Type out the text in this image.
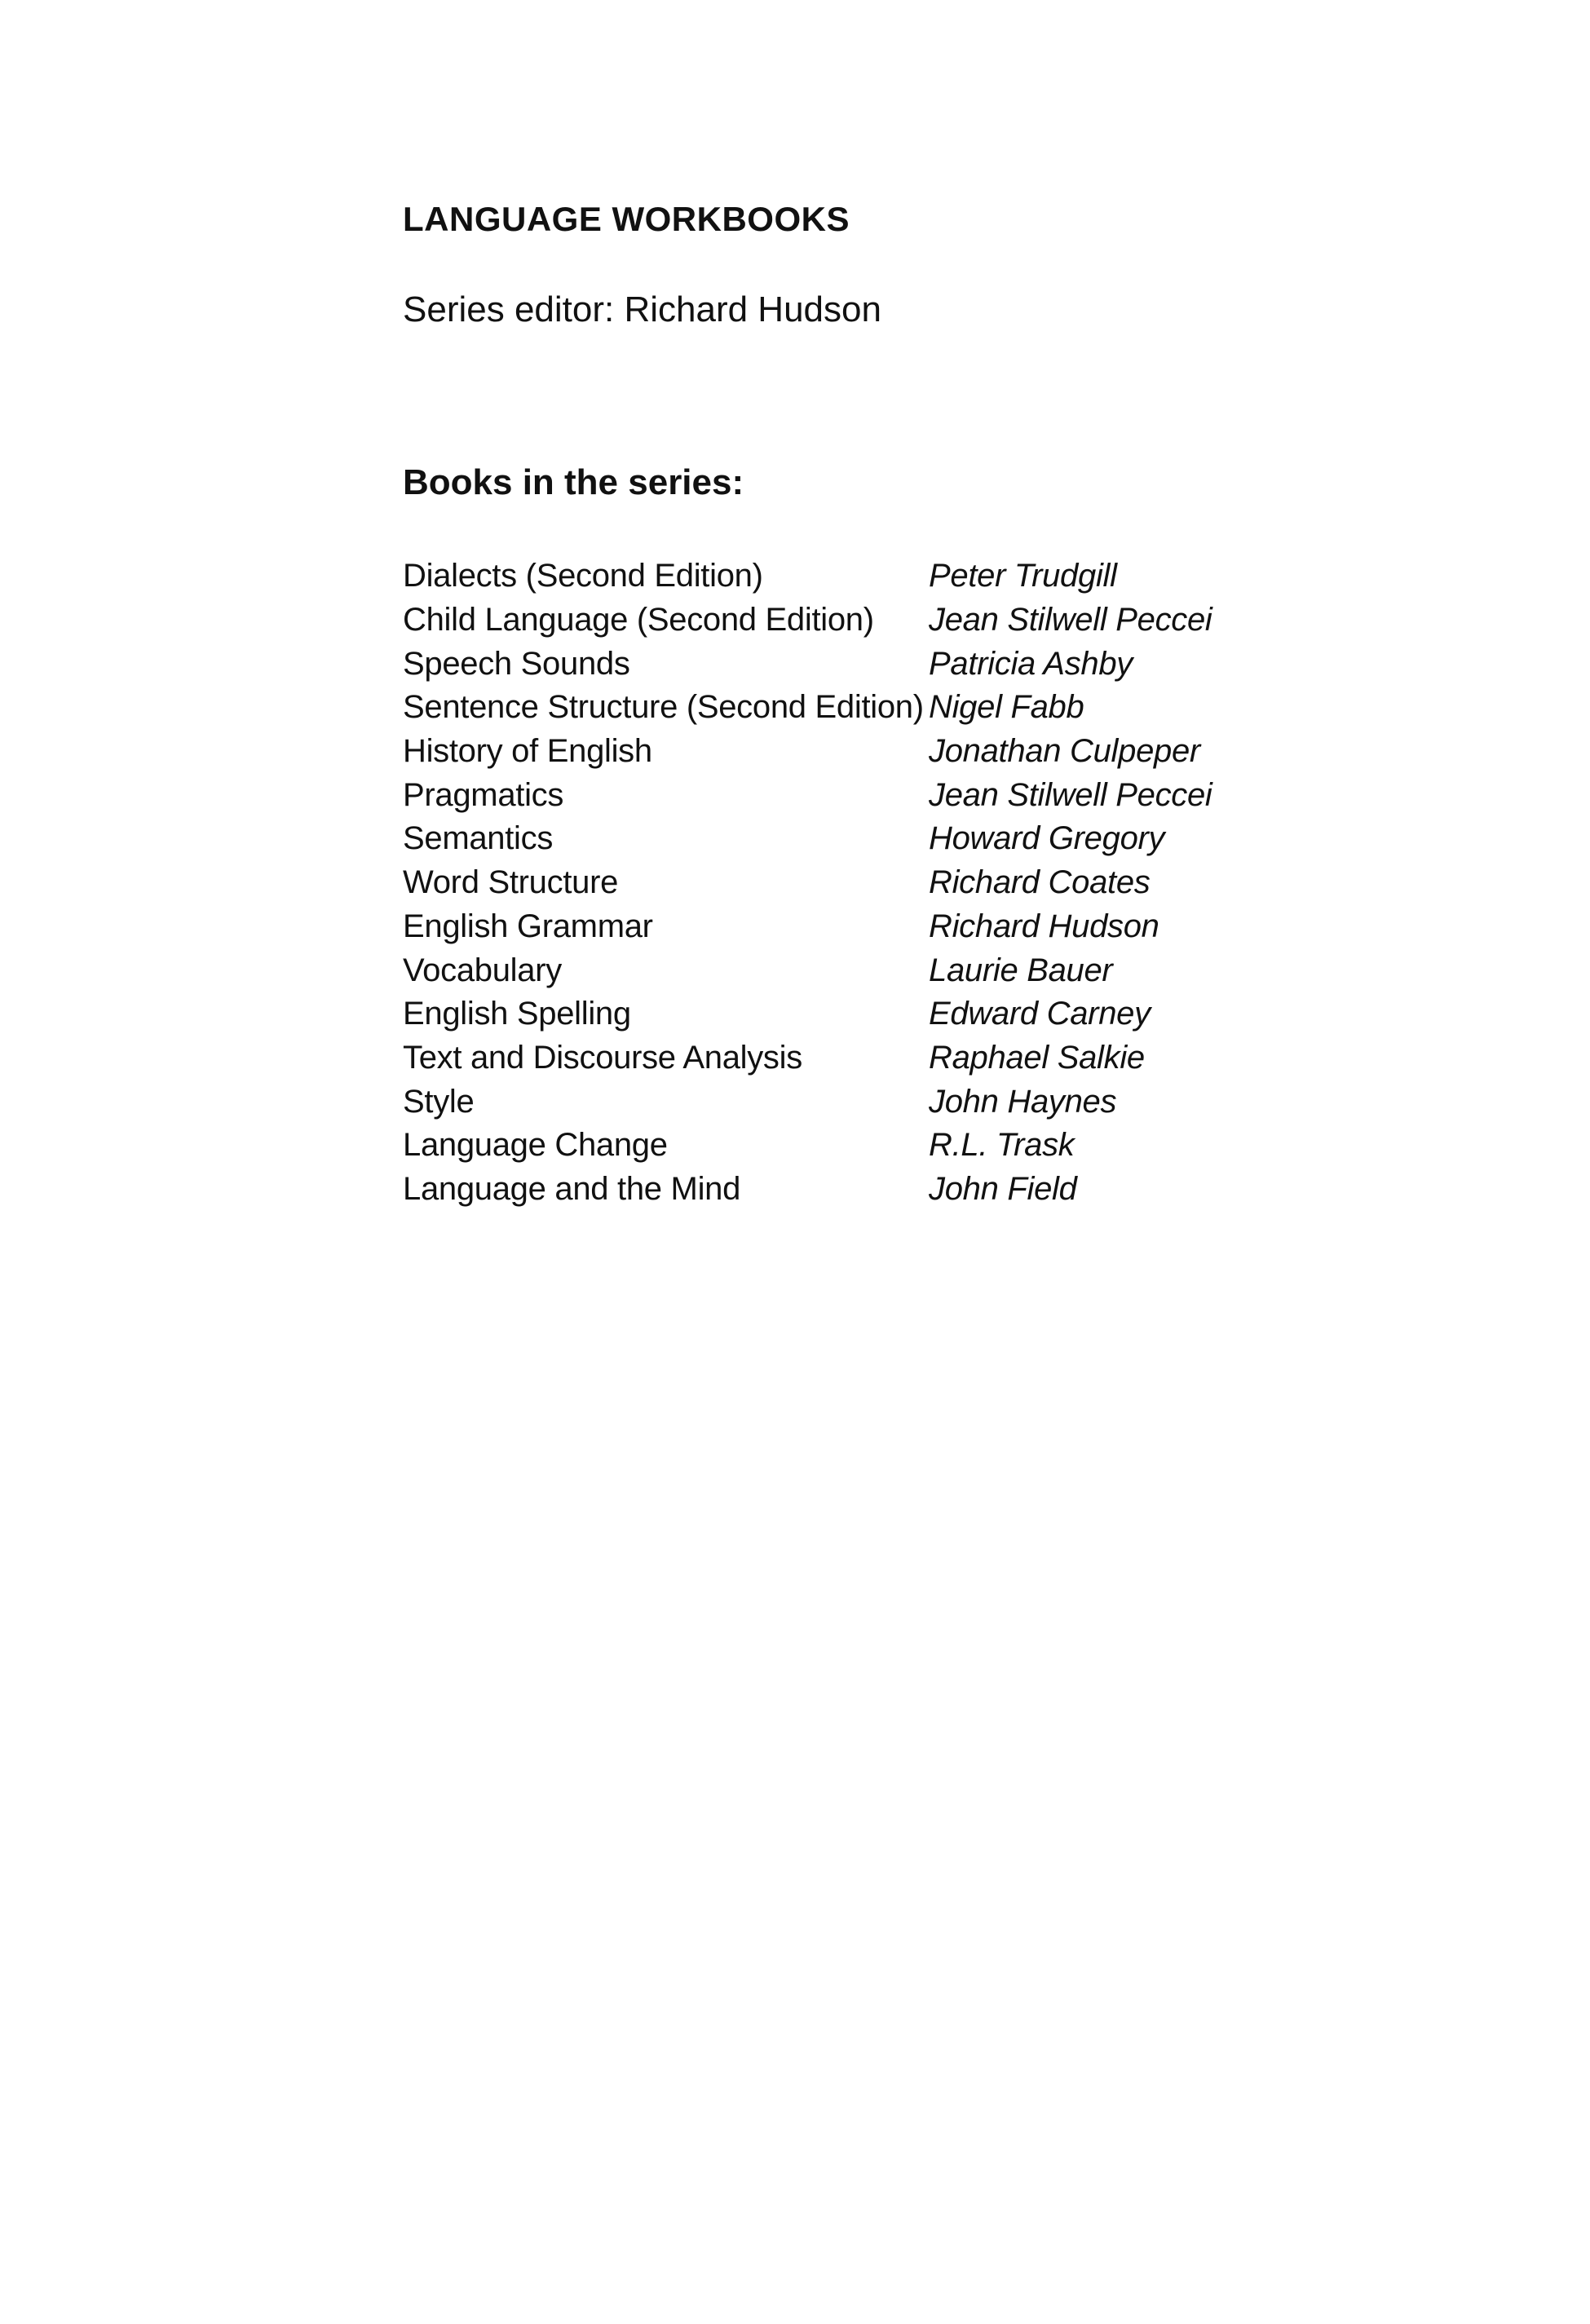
LANGUAGE WORKBOOKS

Series editor: Richard Hudson

Books in the series:
Dialects (Second Edition)	Peter Trudgill
Child Language (Second Edition)	Jean Stilwell Peccei
Speech Sounds	Patricia Ashby
Sentence Structure (Second Edition) Nigel Fabb
History of English	Jonathan Culpeper
Pragmatics	Jean Stilwell Peccei
Semantics	Howard Gregory
Word Structure	Richard Coates
English Grammar	Richard Hudson
Vocabulary	Laurie Bauer
English Spelling	Edward Carney
Text and Discourse Analysis	Raphael Salkie
Style	John Haynes
Language Change	R.L. Trask
Language and the Mind	John Field
